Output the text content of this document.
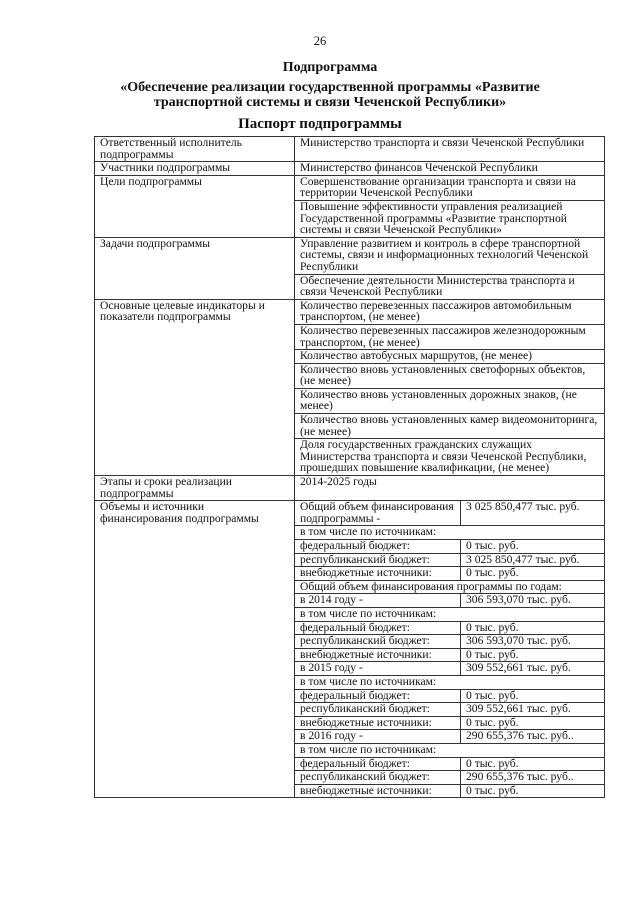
26
Подпрограмма
«Обеспечение реализации государственной программы «Развитие
транспортной системы и связи Чеченской Республики»
Паспорт подпрограммы
Ответственный исполнитель подпрограммы	Министерство транспорта и связи Чеченской Республики	
Участники подпрограммы	Министерство финансов Чеченской Республики	
Цели подпрограммы	Совершенствование организации транспорта и связи на территории Чеченской Республики	
	Повышение эффективности управления реализацией Государственной программы «Развитие транспортной системы и связи Чеченской Республики»	
Задачи подпрограммы	Управление развитием и контроль в сфере транспортной системы, связи и информационных технологий Чеченской Республики	
	Обеспечение деятельности Министерства транспорта и связи Чеченской Республики	
Основные целевые индикаторы и показатели подпрограммы	Количество перевезенных пассажиров автомобильным транспортом, (не менее)	
	Количество перевезенных пассажиров железнодорожным транспортом, (не менее)	
	Количество автобусных маршрутов, (не менее)	
	Количество вновь установленных светофорных объектов, (не менее)	
	Количество вновь установленных дорожных знаков, (не менее)	
	Количество вновь установленных камер видеомониторинга, (не менее)	
	Доля государственных гражданских служащих Министерства транспорта и связи Чеченской Республики, прошедших повышение квалификации, (не менее)	
Этапы и сроки реализации подпрограммы	2014-2025 годы	
Объемы и источники финансирования подпрограммы	Общий объем финансирования подпрограммы -	3 025 850,477 тыс. руб.
	в том числе по источникам:	
	федеральный бюджет:	0 тыс. руб.
	республиканский бюджет:	3 025 850,477 тыс. руб.
	внебюджетные источники:	0 тыс. руб.
	Общий объем финансирования программы по годам:	
	в 2014 году -	306 593,070 тыс. руб.
	в том числе по источникам:	
	федеральный бюджет:	0 тыс. руб.
	республиканский бюджет:	306 593,070 тыс. руб.
	внебюджетные источники:	0 тыс. руб.
	в 2015 году -	309 552,661 тыс. руб.
	в том числе по источникам:	
	федеральный бюджет:	0 тыс. руб.
	республиканский бюджет:	309 552,661 тыс. руб.
	внебюджетные источники:	0 тыс. руб.
	в 2016 году -	290 655,376 тыс. руб..
	в том числе по источникам:	
	федеральный бюджет:	0 тыс. руб.
	республиканский бюджет:	290 655,376 тыс. руб..
	внебюджетные источники:	0 тыс. руб.
